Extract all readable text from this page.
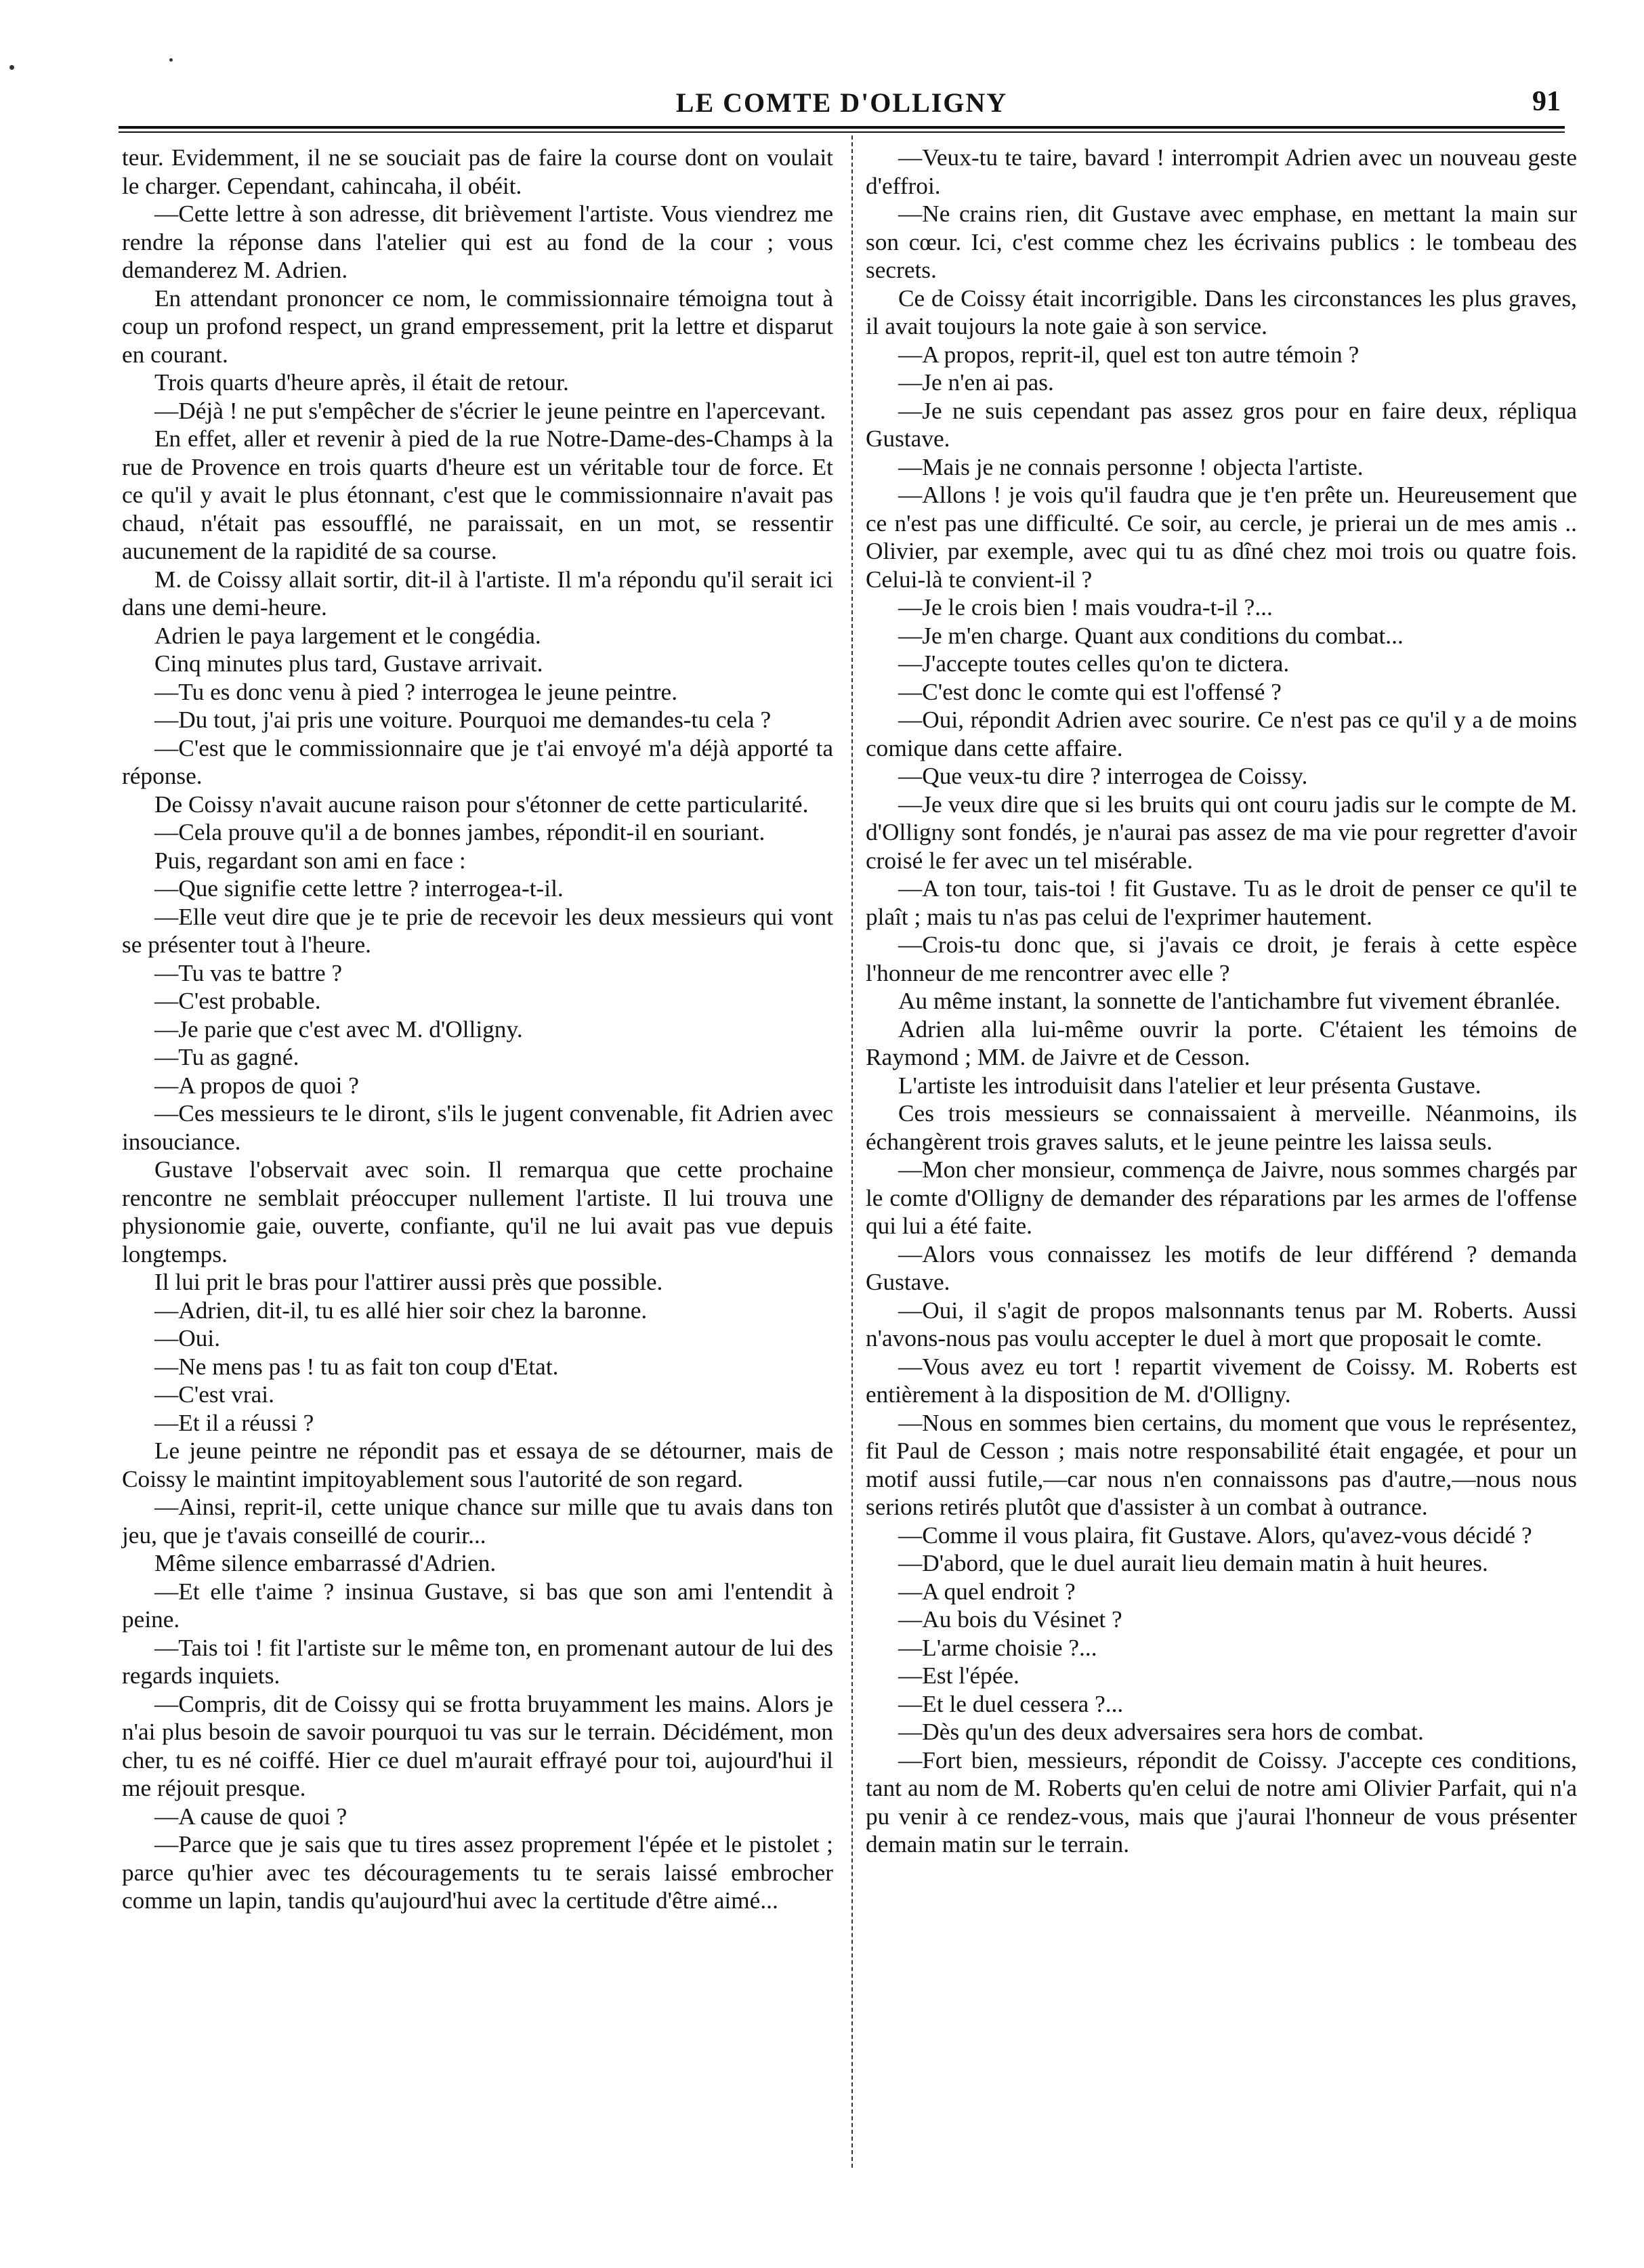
LE COMTE D'OLLIGNY	91

teur. Evidemment, il ne se souciait pas de faire la course dont on voulait le charger. Cependant, cahincaha, il obéit.

—Cette lettre à son adresse, dit brièvement l'artiste. Vous viendrez me rendre la réponse dans l'atelier qui est au fond de la cour ; vous demanderez M. Adrien.

En attendant prononcer ce nom, le commissionnaire témoigna tout à coup un profond respect, un grand empressement, prit la lettre et disparut en courant.

Trois quarts d'heure après, il était de retour.

—Déjà ! ne put s'empêcher de s'écrier le jeune peintre en l'apercevant.

En effet, aller et revenir à pied de la rue Notre-Dame-des-Champs à la rue de Provence en trois quarts d'heure est un véritable tour de force. Et ce qu'il y avait le plus étonnant, c'est que le commissionnaire n'avait pas chaud, n'était pas essoufflé, ne paraissait, en un mot, se ressentir aucunement de la rapidité de sa course.

M. de Coissy allait sortir, dit-il à l'artiste. Il m'a répondu qu'il serait ici dans une demi-heure.

Adrien le paya largement et le congédia.

Cinq minutes plus tard, Gustave arrivait.

—Tu es donc venu à pied ? interrogea le jeune peintre.

—Du tout, j'ai pris une voiture. Pourquoi me demandes-tu cela ?

—C'est que le commissionnaire que je t'ai envoyé m'a déjà apporté ta réponse.

De Coissy n'avait aucune raison pour s'étonner de cette particularité.

—Cela prouve qu'il a de bonnes jambes, répondit-il en souriant.

Puis, regardant son ami en face :

—Que signifie cette lettre ? interrogea-t-il.

—Elle veut dire que je te prie de recevoir les deux messieurs qui vont se présenter tout à l'heure.

—Tu vas te battre ?

—C'est probable.

—Je parie que c'est avec M. d'Olligny.

—Tu as gagné.

—A propos de quoi ?

—Ces messieurs te le diront, s'ils le jugent convenable, fit Adrien avec insouciance.

Gustave l'observait avec soin. Il remarqua que cette prochaine rencontre ne semblait préoccuper nullement l'artiste. Il lui trouva une physionomie gaie, ouverte, confiante, qu'il ne lui avait pas vue depuis longtemps.

Il lui prit le bras pour l'attirer aussi près que possible.

—Adrien, dit-il, tu es allé hier soir chez la baronne.

—Oui.

—Ne mens pas ! tu as fait ton coup d'Etat.

—C'est vrai.

—Et il a réussi ?

Le jeune peintre ne répondit pas et essaya de se détourner, mais de Coissy le maintint impitoyablement sous l'autorité de son regard.

—Ainsi, reprit-il, cette unique chance sur mille que tu avais dans ton jeu, que je t'avais conseillé de courir...

Même silence embarrassé d'Adrien.

—Et elle t'aime ? insinua Gustave, si bas que son ami l'entendit à peine.

—Tais toi ! fit l'artiste sur le même ton, en promenant autour de lui des regards inquiets.

—Compris, dit de Coissy qui se frotta bruyamment les mains. Alors je n'ai plus besoin de savoir pourquoi tu vas sur le terrain. Décidément, mon cher, tu es né coiffé. Hier ce duel m'aurait effrayé pour toi, aujourd'hui il me réjouit presque.

—A cause de quoi ?

—Parce que je sais que tu tires assez proprement l'épée et le pistolet ; parce qu'hier avec tes découragements tu te serais laissé embrocher comme un lapin, tandis qu'aujourd'hui avec la certitude d'être aimé...

—Veux-tu te taire, bavard ! interrompit Adrien avec un nouveau geste d'effroi.

—Ne crains rien, dit Gustave avec emphase, en mettant la main sur son cœur. Ici, c'est comme chez les écrivains publics : le tombeau des secrets.

Ce de Coissy était incorrigible. Dans les circonstances les plus graves, il avait toujours la note gaie à son service.

—A propos, reprit-il, quel est ton autre témoin ?

—Je n'en ai pas.

—Je ne suis cependant pas assez gros pour en faire deux, répliqua Gustave.

—Mais je ne connais personne ! objecta l'artiste.

—Allons ! je vois qu'il faudra que je t'en prête un. Heureusement que ce n'est pas une difficulté. Ce soir, au cercle, je prierai un de mes amis .. Olivier, par exemple, avec qui tu as dîné chez moi trois ou quatre fois. Celui-là te convient-il ?

—Je le crois bien ! mais voudra-t-il ?...

—Je m'en charge. Quant aux conditions du combat...

—J'accepte toutes celles qu'on te dictera.

—C'est donc le comte qui est l'offensé ?

—Oui, répondit Adrien avec sourire. Ce n'est pas ce qu'il y a de moins comique dans cette affaire.

—Que veux-tu dire ? interrogea de Coissy.

—Je veux dire que si les bruits qui ont couru jadis sur le compte de M. d'Olligny sont fondés, je n'aurai pas assez de ma vie pour regretter d'avoir croisé le fer avec un tel misérable.

—A ton tour, tais-toi ! fit Gustave. Tu as le droit de penser ce qu'il te plaît ; mais tu n'as pas celui de l'exprimer hautement.

—Crois-tu donc que, si j'avais ce droit, je ferais à cette espèce l'honneur de me rencontrer avec elle ?

Au même instant, la sonnette de l'antichambre fut vivement ébranlée.

Adrien alla lui-même ouvrir la porte. C'étaient les témoins de Raymond ; MM. de Jaivre et de Cesson.

L'artiste les introduisit dans l'atelier et leur présenta Gustave.

Ces trois messieurs se connaissaient à merveille. Néanmoins, ils échangèrent trois graves saluts, et le jeune peintre les laissa seuls.

—Mon cher monsieur, commença de Jaivre, nous sommes chargés par le comte d'Olligny de demander des réparations par les armes de l'offense qui lui a été faite.

—Alors vous connaissez les motifs de leur différend ? demanda Gustave.

—Oui, il s'agit de propos malsonnants tenus par M. Roberts. Aussi n'avons-nous pas voulu accepter le duel à mort que proposait le comte.

—Vous avez eu tort ! repartit vivement de Coissy. M. Roberts est entièrement à la disposition de M. d'Olligny.

—Nous en sommes bien certains, du moment que vous le représentez, fit Paul de Cesson ; mais notre responsabilité était engagée, et pour un motif aussi futile,—car nous n'en connaissons pas d'autre,—nous nous serions retirés plutôt que d'assister à un combat à outrance.

—Comme il vous plaira, fit Gustave. Alors, qu'avez-vous décidé ?

—D'abord, que le duel aurait lieu demain matin à huit heures.

—A quel endroit ?

—Au bois du Vésinet ?

—L'arme choisie ?...

—Est l'épée.

—Et le duel cessera ?...

—Dès qu'un des deux adversaires sera hors de combat.

—Fort bien, messieurs, répondit de Coissy. J'accepte ces conditions, tant au nom de M. Roberts qu'en celui de notre ami Olivier Parfait, qui n'a pu venir à ce rendez-vous, mais que j'aurai l'honneur de vous présenter demain matin sur le terrain.
